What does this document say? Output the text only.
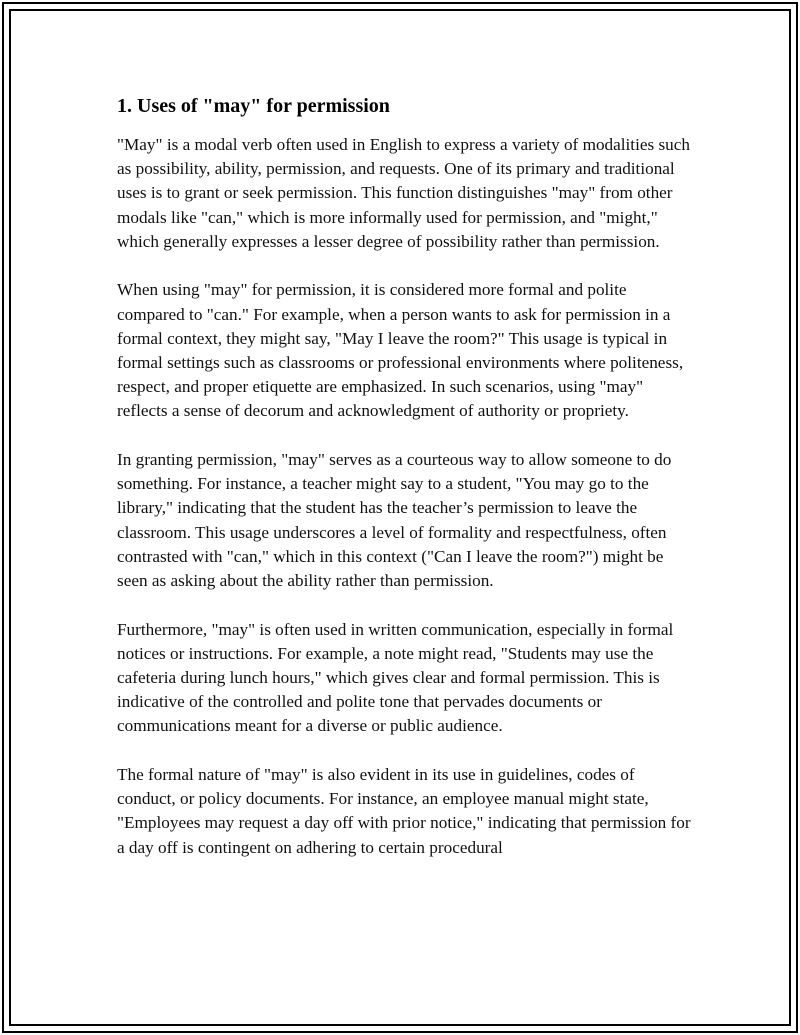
1. Uses of "may" for permission

"May" is a modal verb often used in English to express a variety of modalities such as possibility, ability, permission, and requests. One of its primary and traditional uses is to grant or seek permission. This function distinguishes "may" from other modals like "can," which is more informally used for permission, and "might," which generally expresses a lesser degree of possibility rather than permission.

When using "may" for permission, it is considered more formal and polite compared to "can." For example, when a person wants to ask for permission in a formal context, they might say, "May I leave the room?" This usage is typical in formal settings such as classrooms or professional environments where politeness, respect, and proper etiquette are emphasized. In such scenarios, using "may" reflects a sense of decorum and acknowledgment of authority or propriety.

In granting permission, "may" serves as a courteous way to allow someone to do something. For instance, a teacher might say to a student, "You may go to the library," indicating that the student has the teacher’s permission to leave the classroom. This usage underscores a level of formality and respectfulness, often contrasted with "can," which in this context ("Can I leave the room?") might be seen as asking about the ability rather than permission.

Furthermore, "may" is often used in written communication, especially in formal notices or instructions. For example, a note might read, "Students may use the cafeteria during lunch hours," which gives clear and formal permission. This is indicative of the controlled and polite tone that pervades documents or communications meant for a diverse or public audience.

The formal nature of "may" is also evident in its use in guidelines, codes of conduct, or policy documents. For instance, an employee manual might state, "Employees may request a day off with prior notice," indicating that permission for a day off is contingent on adhering to certain procedural
